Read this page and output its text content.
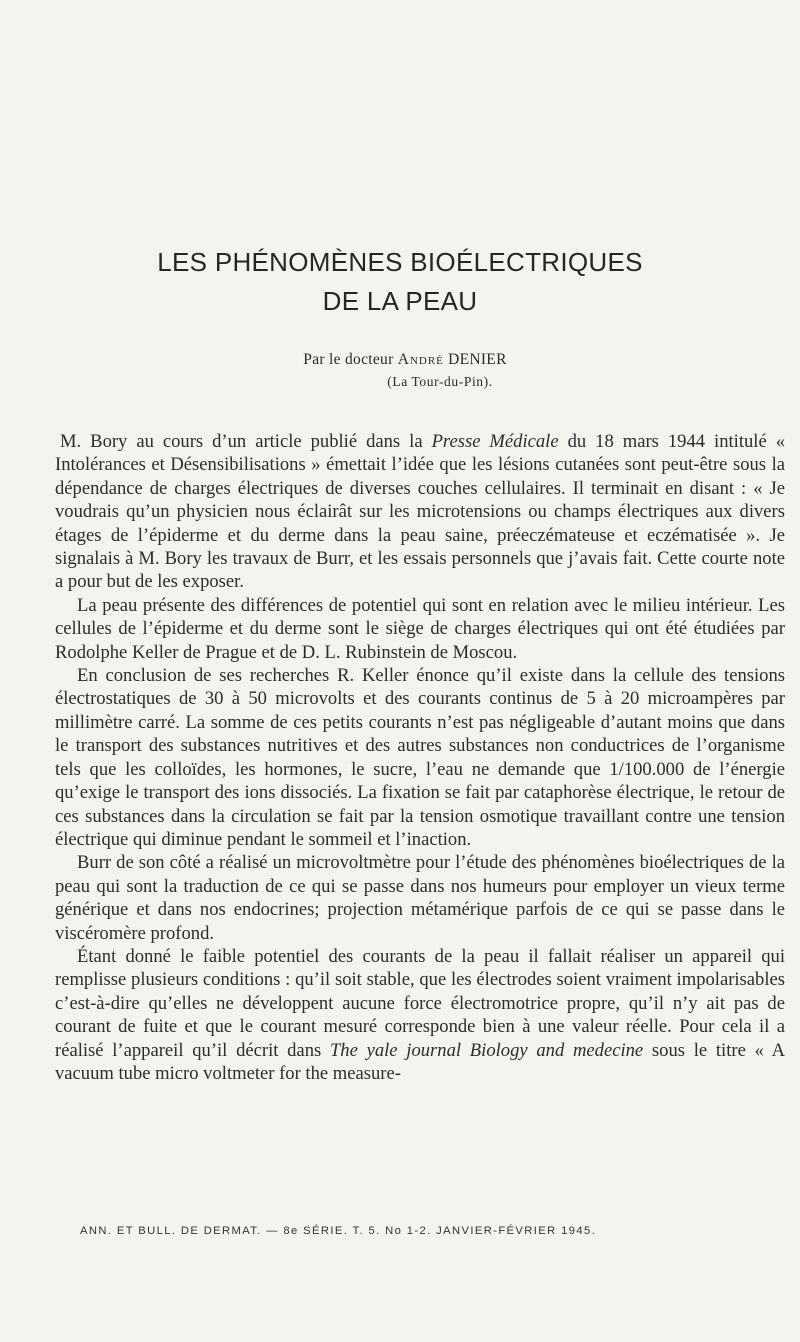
LES PHÉNOMÈNES BIOÉLECTRIQUES
DE LA PEAU
Par le docteur André DENIER
(La Tour-du-Pin).

M. Bory au cours d’un article publié dans la Presse Médicale du 18 mars 1944 intitulé « Intolérances et Désensibilisations » émettait l’idée que les lésions cutanées sont peut-être sous la dépendance de charges électriques de diverses couches cellulaires. Il terminait en disant : « Je voudrais qu’un physicien nous éclairât sur les microtensions ou champs électriques aux divers étages de l’épiderme et du derme dans la peau saine, préeczémateuse et eczématisée ». Je signalais à M. Bory les travaux de Burr, et les essais personnels que j’avais fait. Cette courte note a pour but de les exposer.

La peau présente des différences de potentiel qui sont en relation avec le milieu intérieur. Les cellules de l’épiderme et du derme sont le siège de charges électriques qui ont été étudiées par Rodolphe Keller de Prague et de D. L. Rubinstein de Moscou.

En conclusion de ses recherches R. Keller énonce qu’il existe dans la cellule des tensions électrostatiques de 30 à 50 microvolts et des courants continus de 5 à 20 microampères par millimètre carré. La somme de ces petits courants n’est pas négligeable d’autant moins que dans le transport des substances nutritives et des autres substances non conductrices de l’organisme tels que les colloïdes, les hormones, le sucre, l’eau ne demande que 1/100.000 de l’énergie qu’exige le transport des ions dissociés. La fixation se fait par cataphorèse électrique, le retour de ces substances dans la circulation se fait par la tension osmotique travaillant contre une tension électrique qui diminue pendant le sommeil et l’inaction.

Burr de son côté a réalisé un microvoltmètre pour l’étude des phénomènes bioélectriques de la peau qui sont la traduction de ce qui se passe dans nos humeurs pour employer un vieux terme générique et dans nos endocrines; projection métamérique parfois de ce qui se passe dans le viscéromère profond.

Étant donné le faible potentiel des courants de la peau il fallait réaliser un appareil qui remplisse plusieurs conditions : qu’il soit stable, que les électrodes soient vraiment impolarisables c’est-à-dire qu’elles ne développent aucune force électromotrice propre, qu’il n’y ait pas de courant de fuite et que le courant mesuré corresponde bien à une valeur réelle. Pour cela il a réalisé l’appareil qu’il décrit dans The yale journal Biology and medecine sous le titre « A vacuum tube micro voltmeter for the measure-

ANN. ET BULL. DE DERMAT. — 8e SÉRIE. T. 5. No 1-2. JANVIER-FÉVRIER 1945.
